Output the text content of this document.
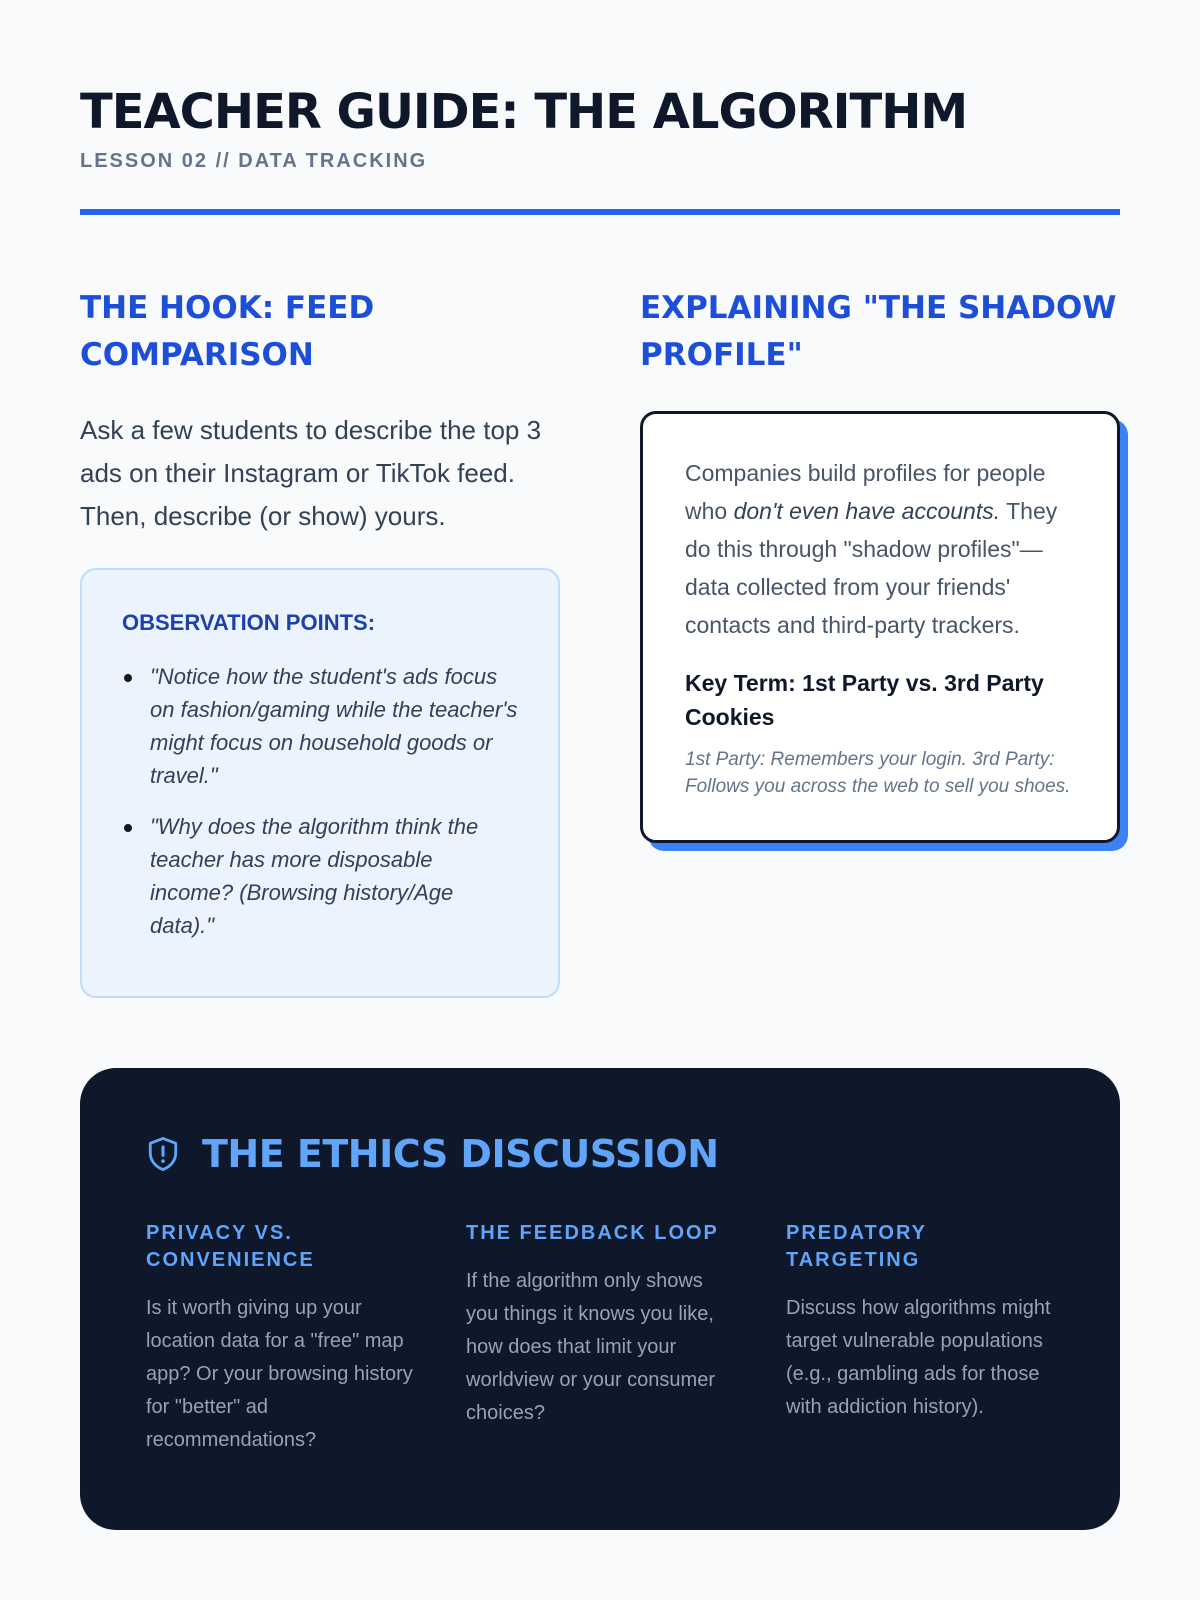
TEACHER GUIDE: THE ALGORITHM
LESSON 02 // DATA TRACKING
THE HOOK: FEED COMPARISON

Ask a few students to describe the top 3 ads on their Instagram or TikTok feed. Then, describe (or show) yours.

OBSERVATION POINTS:
"Notice how the student's ads focus on fashion/gaming while the teacher's might focus on household goods or travel."
"Why does the algorithm think the teacher has more disposable income? (Browsing history/Age data)."
EXPLAINING "THE SHADOW PROFILE"

Companies build profiles for people who don't even have accounts. They do this through "shadow profiles"—data collected from your friends' contacts and third-party trackers.

Key Term: 1st Party vs. 3rd Party Cookies
1st Party: Remembers your login. 3rd Party: Follows you across the web to sell you shoes.
THE ETHICS DISCUSSION
PRIVACY VS. CONVENIENCE

Is it worth giving up your location data for a "free" map app? Or your browsing history for "better" ad recommendations?

THE FEEDBACK LOOP

If the algorithm only shows you things it knows you like, how does that limit your worldview or your consumer choices?

PREDATORY TARGETING

Discuss how algorithms might target vulnerable populations (e.g., gambling ads for those with addiction history).
